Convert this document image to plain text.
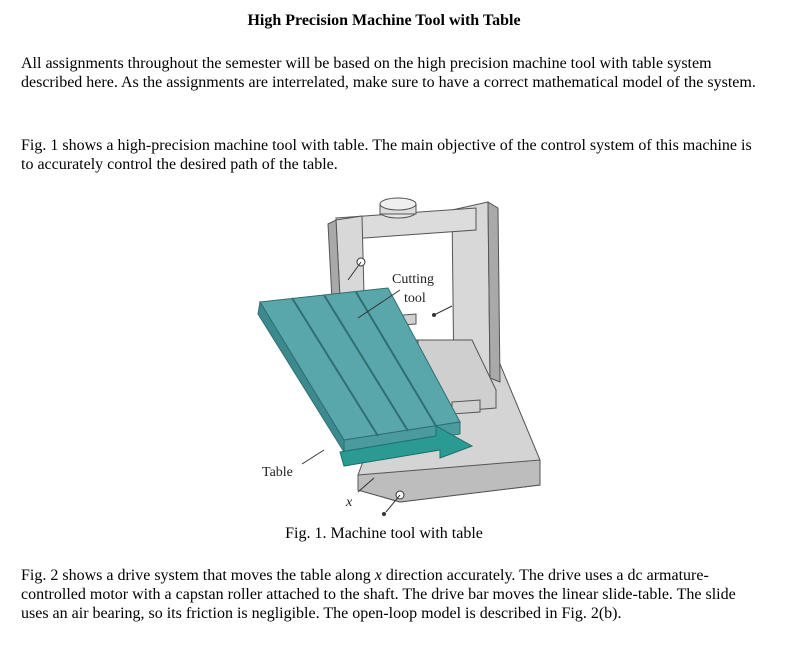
High Precision Machine Tool with Table

All assignments throughout the semester will be based on the high precision machine tool with table system described here. As the assignments are interrelated, make sure to have a correct mathematical model of the system.

Fig. 1 shows a high-precision machine tool with table. The main objective of the control system of this machine is to accurately control the desired path of the table.

Cutting
tool
Table
x
Fig. 1. Machine tool with table

Fig. 2 shows a drive system that moves the table along x direction accurately. The drive uses a dc armature-controlled motor with a capstan roller attached to the shaft. The drive bar moves the linear slide-table. The slide uses an air bearing, so its friction is negligible. The open-loop model is described in Fig. 2(b).
